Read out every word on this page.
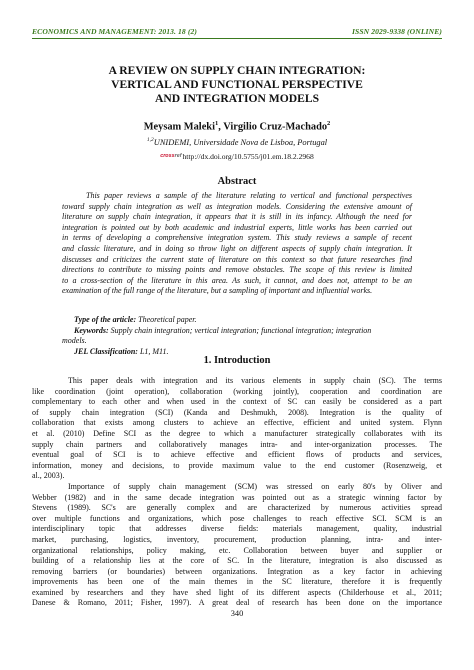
ECONOMICS AND MANAGEMENT: 2013. 18 (2)	ISSN 2029-9338 (ONLINE)
A REVIEW ON SUPPLY CHAIN INTEGRATION:
VERTICAL AND FUNCTIONAL PERSPECTIVE
AND INTEGRATION MODELS
Meysam Maleki$^1$, Virgilio Cruz-Machado$^2$
$^{1,2}$UNIDEMI, Universidade Nova de Lisboa, Portugal
crossrefhttp://dx.doi.org/10.5755/j01.em.18.2.2968
Abstract
This paper reviews a sample of the literature relating to vertical and functional perspectives
toward supply chain integration as well as integration models. Considering the extensive amount of
literature on supply chain integration, it appears that it is still in its infancy. Although the need for
integration is pointed out by both academic and industrial experts, little works has been carried out
in terms of developing a comprehensive integration system. This study reviews a sample of recent
and classic literature, and in doing so throw light on different aspects of supply chain integration. It
discusses and criticizes the current state of literature on this context so that future researches find
directions to contribute to missing points and remove obstacles. The scope of this review is limited
to a cross-section of the literature in this area. As such, it cannot, and does not, attempt to be an
examination of the full range of the literature, but a sampling of important and influential works.
Type of the article: Theoretical paper.
Keywords: Supply chain integration; vertical integration; functional integration; integration
models.
JEL Classification: L1, M11.
1. Introduction
This paper deals with integration and its various elements in supply chain (SC). The terms
like coordination (joint operation), collaboration (working jointly), cooperation and coordination are
complementary to each other and when used in the context of SC can easily be considered as a part
of supply chain integration (SCI) (Kanda and Deshmukh, 2008). Integration is the quality of
collaboration that exists among clusters to achieve an effective, efficient and united system. Flynn
et al. (2010) Define SCI as the degree to which a manufacturer strategically collaborates with its
supply chain partners and collaboratively manages intra- and inter-organization processes. The
eventual goal of SCI is to achieve effective and efficient flows of products and services,
information, money and decisions, to provide maximum value to the end customer (Rosenzweig, et
al., 2003).
Importance of supply chain management (SCM) was stressed on early 80's by Oliver and
Webber (1982) and in the same decade integration was pointed out as a strategic winning factor by
Stevens (1989). SC's are generally complex and are characterized by numerous activities spread
over multiple functions and organizations, which pose challenges to reach effective SCI. SCM is an
interdisciplinary topic that addresses diverse fields: materials management, quality, industrial
market, purchasing, logistics, inventory, procurement, production planning, intra- and inter-
organizational relationships, policy making, etc. Collaboration between buyer and supplier or
building of a relationship lies at the core of SC. In the literature, integration is also discussed as
removing barriers (or boundaries) between organizations. Integration as a key factor in achieving
improvements has been one of the main themes in the SC literature, therefore it is frequently
examined by researchers and they have shed light of its different aspects (Childerhouse et al., 2011;
Danese & Romano, 2011; Fisher, 1997). A great deal of research has been done on the importance
340
